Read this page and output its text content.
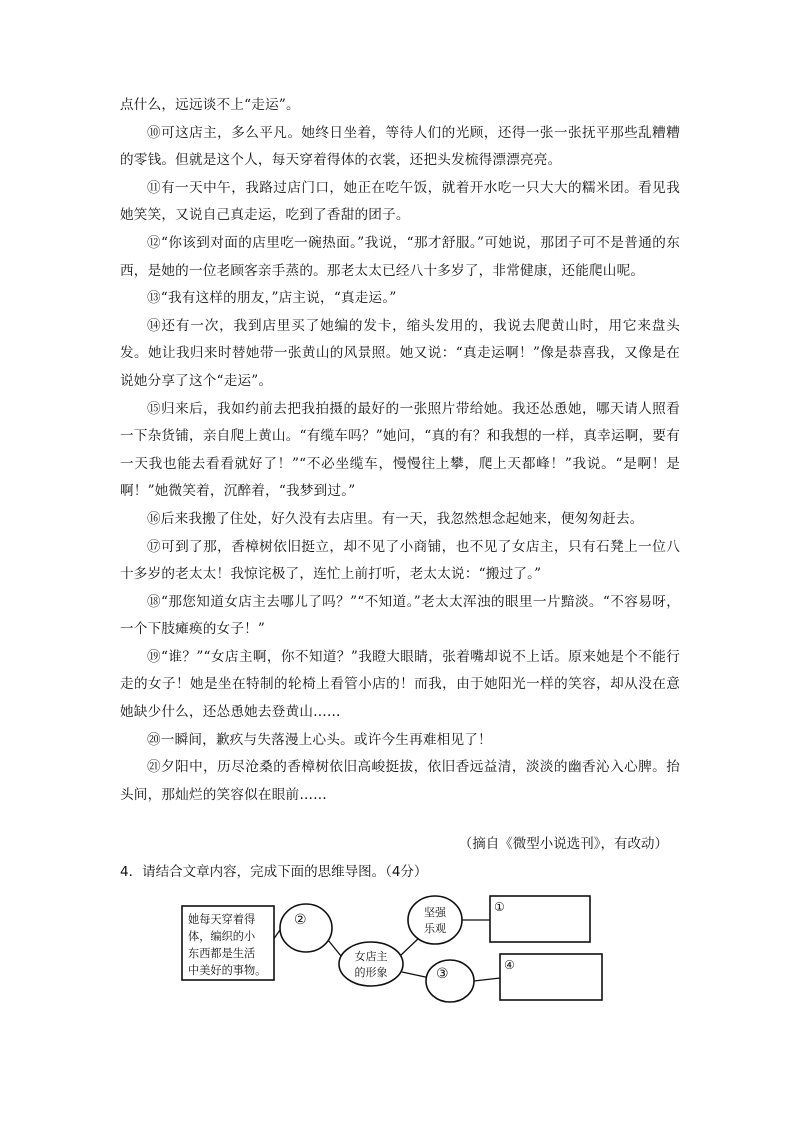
点什么，远远谈不上“走运”。

⑩可这店主，多么平凡。她终日坐着，等待人们的光顾，还得一张一张抚平那些乱糟糟的零钱。但就是这个人，每天穿着得体的衣裳，还把头发梳得漂漂亮亮。

⑪有一天中午，我路过店门口，她正在吃午饭，就着开水吃一只大大的糯米团。看见我她笑笑，又说自己真走运，吃到了香甜的团子。

⑫“你该到对面的店里吃一碗热面。”我说，“那才舒服。”可她说，那团子可不是普通的东西，是她的一位老顾客亲手蒸的。那老太太已经八十多岁了，非常健康，还能爬山呢。

⑬“我有这样的朋友，”店主说，“真走运。”

⑭还有一次，我到店里买了她编的发卡，缩头发用的，我说去爬黄山时，用它来盘头发。她让我归来时替她带一张黄山的风景照。她又说：“真走运啊！”像是恭喜我，又像是在说她分享了这个“走运”。

⑮归来后，我如约前去把我拍摄的最好的一张照片带给她。我还怂恿她，哪天请人照看一下杂货铺，亲自爬上黄山。“有缆车吗？”她问，“真的有？和我想的一样，真幸运啊，要有一天我也能去看看就好了！”“不必坐缆车，慢慢往上攀，爬上天都峰！”我说。“是啊！是啊！”她微笑着，沉醉着，“我梦到过。”

⑯后来我搬了住处，好久没有去店里。有一天，我忽然想念起她来，便匆匆赶去。

⑰可到了那，香樟树依旧挺立，却不见了小商铺，也不见了女店主，只有石凳上一位八十多岁的老太太！我惊诧极了，连忙上前打听，老太太说：“搬过了。”

⑱“那您知道女店主去哪儿了吗？”“不知道。”老太太浑浊的眼里一片黯淡。“不容易呀，一个下肢瘫痪的女子！”

⑲“谁？”“女店主啊，你不知道？”我瞪大眼睛，张着嘴却说不上话。原来她是个不能行走的女子！她是坐在特制的轮椅上看管小店的！而我，由于她阳光一样的笑容，却从没在意她缺少什么，还怂恿她去登黄山……

⑳一瞬间，歉疚与失落漫上心头。或许今生再难相见了！

㉑夕阳中，历尽沧桑的香樟树依旧高峻挺拔，依旧香远益清，淡淡的幽香沁入心脾。抬头间，那灿烂的笑容似在眼前……

（摘自《微型小说选刊》，有改动）
4．请结合文章内容，完成下面的思维导图。（4分）
她每天穿着得
体，编织的小
东西都是生活
中美好的事物。
②
女店主
的形象
坚强
乐观
①
③
④
